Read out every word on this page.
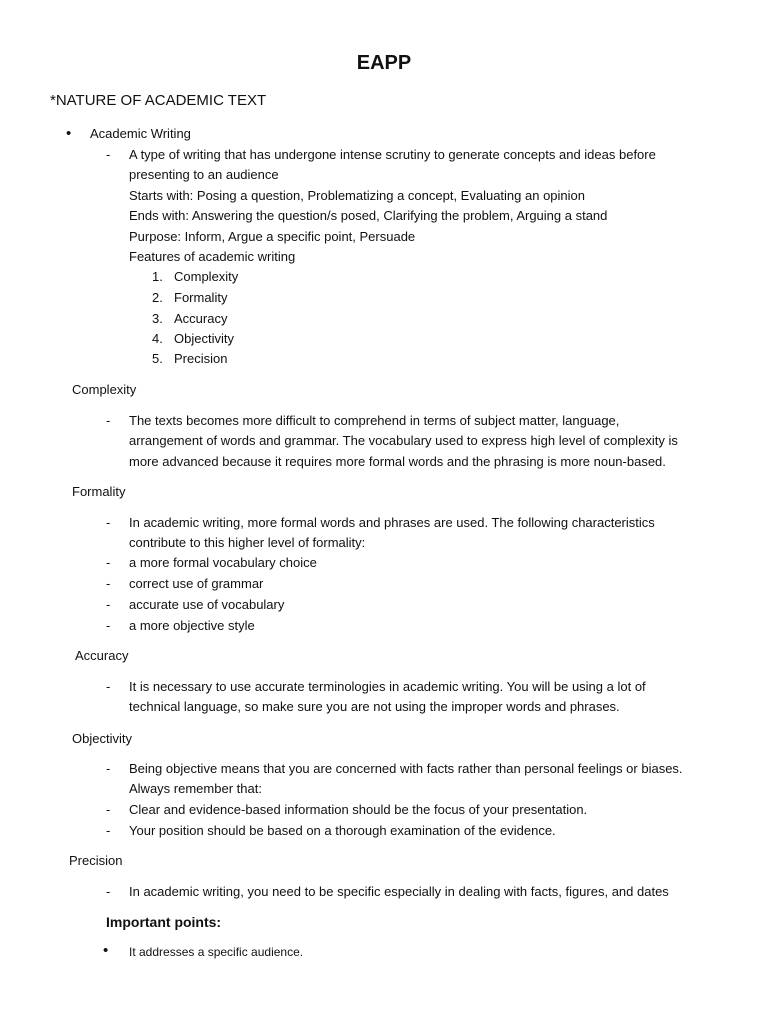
EAPP
*NATURE OF ACADEMIC TEXT
• Academic Writing
- A type of writing that has undergone intense scrutiny to generate concepts and ideas before
presenting to an audience
Starts with: Posing a question, Problematizing a concept, Evaluating an opinion
Ends with: Answering the question/s posed, Clarifying the problem, Arguing a stand
Purpose: Inform, Argue a specific point, Persuade
Features of academic writing
1. Complexity
2. Formality
3. Accuracy
4. Objectivity
5. Precision
Complexity
- The texts becomes more difficult to comprehend in terms of subject matter, language,
arrangement of words and grammar. The vocabulary used to express high level of complexity is
more advanced because it requires more formal words and the phrasing is more noun-based.
Formality
- In academic writing, more formal words and phrases are used. The following characteristics
contribute to this higher level of formality:
- a more formal vocabulary choice
- correct use of grammar
- accurate use of vocabulary
- a more objective style
Accuracy
- It is necessary to use accurate terminologies in academic writing. You will be using a lot of
technical language, so make sure you are not using the improper words and phrases.
Objectivity
- Being objective means that you are concerned with facts rather than personal feelings or biases.
Always remember that:
- Clear and evidence-based information should be the focus of your presentation.
- Your position should be based on a thorough examination of the evidence.
Precision
- In academic writing, you need to be specific especially in dealing with facts, figures, and dates
Important points:
• It addresses a specific audience.
